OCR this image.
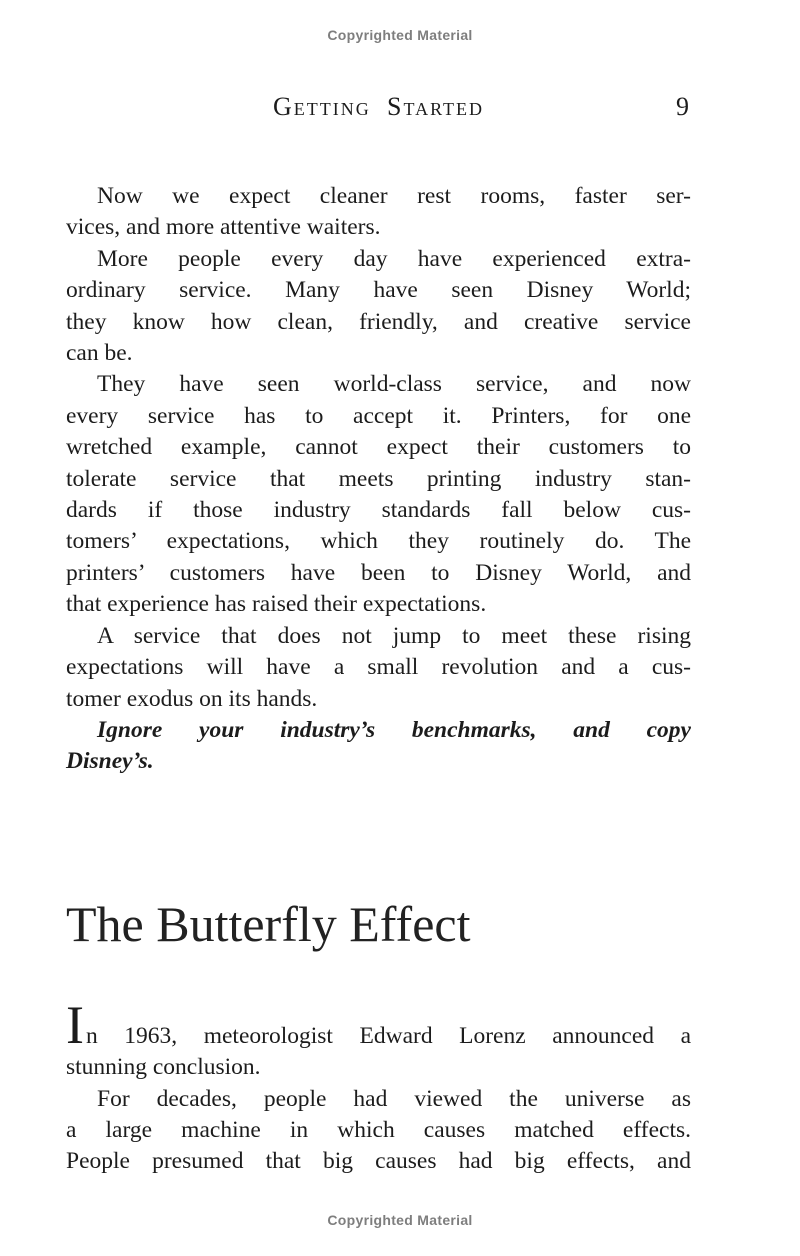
Copyrighted Material
Getting Started	9
Now we expect cleaner rest rooms, faster ser-
vices, and more attentive waiters.
More people every day have experienced extra-
ordinary service. Many have seen Disney World;
they know how clean, friendly, and creative service
can be.
They have seen world-class service, and now
every service has to accept it. Printers, for one
wretched example, cannot expect their customers to
tolerate service that meets printing industry stan-
dards if those industry standards fall below cus-
tomers’ expectations, which they routinely do. The
printers’ customers have been to Disney World, and
that experience has raised their expectations.
A service that does not jump to meet these rising
expectations will have a small revolution and a cus-
tomer exodus on its hands.
Ignore your industry’s benchmarks, and copy
Disney’s.
The Butterfly Effect
In 1963, meteorologist Edward Lorenz announced a
stunning conclusion.
For decades, people had viewed the universe as
a large machine in which causes matched effects.
People presumed that big causes had big effects, and
Copyrighted Material
